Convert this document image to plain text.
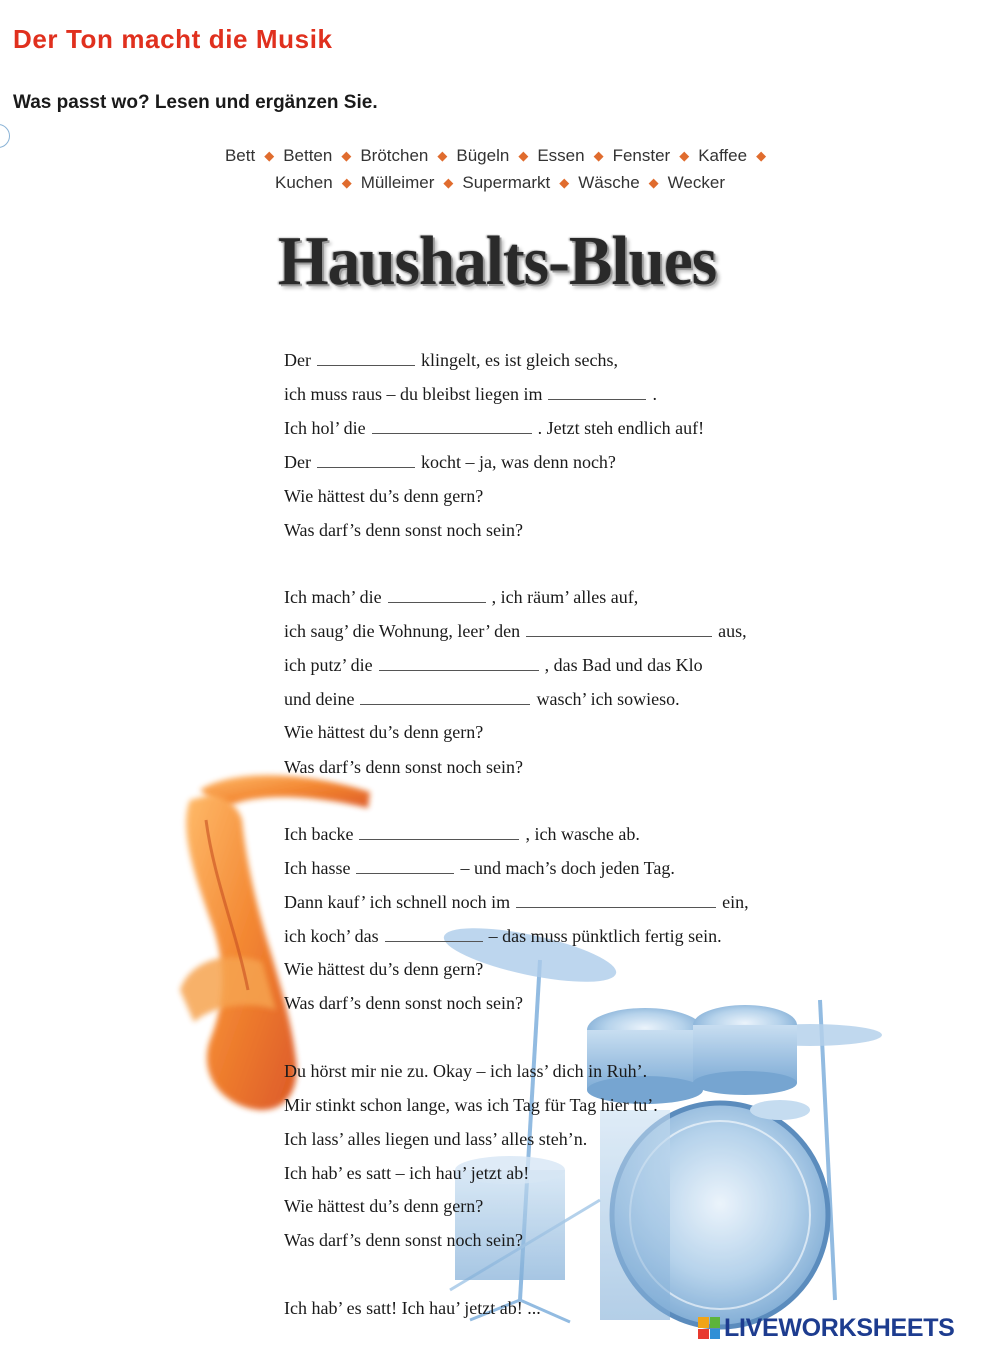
Der Ton macht die Musik
Was passt wo? Lesen und ergänzen Sie.
Bett ◆ Betten ◆ Brötchen ◆ Bügeln ◆ Essen ◆ Fenster ◆ Kaffee ◆
Kuchen ◆ Mülleimer ◆ Supermarkt ◆ Wäsche ◆ Wecker
Haushalts-Blues

Der	klingelt, es ist gleich sechs,

ich muss raus – du bleibst liegen im	.

Ich hol’ die	. Jetzt steh endlich auf!

Der	kocht – ja, was denn noch?

Wie hättest du’s denn gern?

Was darf’s denn sonst noch sein?

Ich mach’ die	, ich räum’ alles auf,

ich saug’ die Wohnung, leer’ den	aus,

ich putz’ die	, das Bad und das Klo

und deine	wasch’ ich sowieso.

Wie hättest du’s denn gern?

Was darf’s denn sonst noch sein?

Ich backe	, ich wasche ab.

Ich hasse	– und mach’s doch jeden Tag.

Dann kauf’ ich schnell noch im	ein,

ich koch’ das	– das muss pünktlich fertig sein.

Wie hättest du’s denn gern?

Was darf’s denn sonst noch sein?

Du hörst mir nie zu. Okay – ich lass’ dich in Ruh’.

Mir stinkt schon lange, was ich Tag für Tag hier tu’.

Ich lass’ alles liegen und lass’ alles steh’n.

Ich hab’ es satt – ich hau’ jetzt ab!

Wie hättest du’s denn gern?

Was darf’s denn sonst noch sein?

Ich hab’ es satt! Ich hau’ jetzt ab! ...

LIVEWORKSHEETS
